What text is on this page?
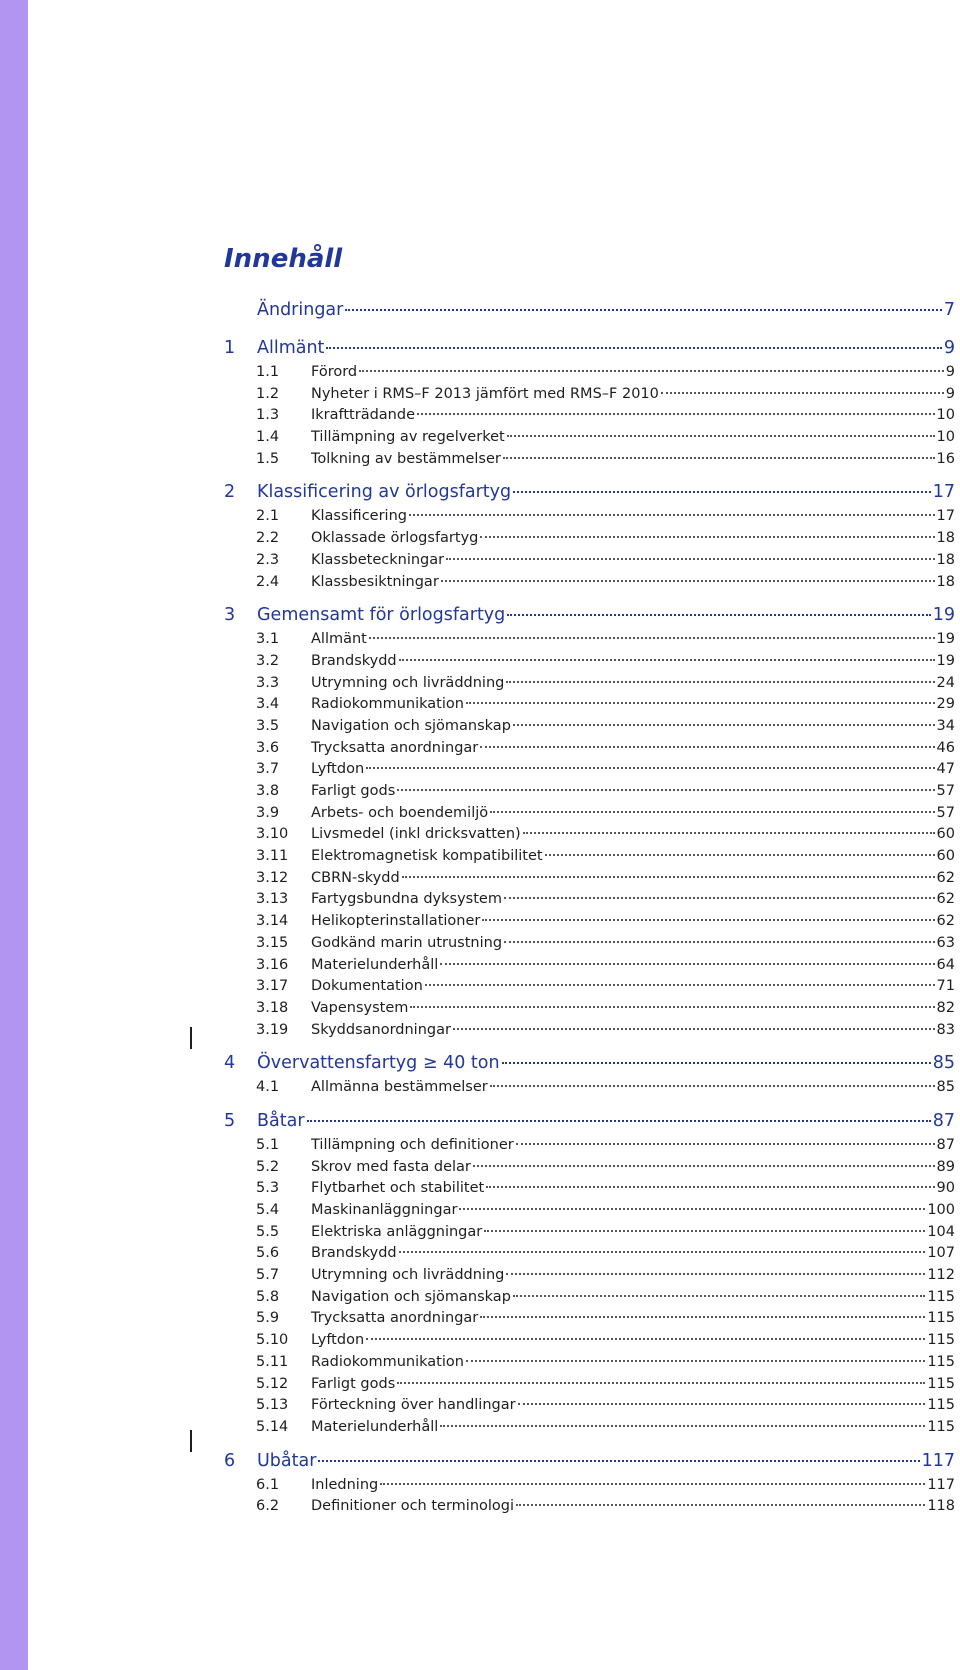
Innehåll
Ändringar	7
1	Allmänt	9
1.1	Förord	9
1.2	Nyheter i RMS–F 2013 jämfört med RMS–F 2010	9
1.3	Ikraftträdande	10
1.4	Tillämpning av regelverket	10
1.5	Tolkning av bestämmelser	16
2	Klassificering av örlogsfartyg	17
2.1	Klassificering	17
2.2	Oklassade örlogsfartyg	18
2.3	Klassbeteckningar	18
2.4	Klassbesiktningar	18
3	Gemensamt för örlogsfartyg	19
3.1	Allmänt	19
3.2	Brandskydd	19
3.3	Utrymning och livräddning	24
3.4	Radiokommunikation	29
3.5	Navigation och sjömanskap	34
3.6	Trycksatta anordningar	46
3.7	Lyftdon	47
3.8	Farligt gods	57
3.9	Arbets- och boendemiljö	57
3.10	Livsmedel (inkl dricksvatten)	60
3.11	Elektromagnetisk kompatibilitet	60
3.12	CBRN-skydd	62
3.13	Fartygsbundna dyksystem	62
3.14	Helikopterinstallationer	62
3.15	Godkänd marin utrustning	63
3.16	Materielunderhåll	64
3.17	Dokumentation	71
3.18	Vapensystem	82
3.19	Skyddsanordningar	83
4	Övervattensfartyg ≥ 40 ton	85
4.1	Allmänna bestämmelser	85
5	Båtar	87
5.1	Tillämpning och definitioner	87
5.2	Skrov med fasta delar	89
5.3	Flytbarhet och stabilitet	90
5.4	Maskinanläggningar	100
5.5	Elektriska anläggningar	104
5.6	Brandskydd	107
5.7	Utrymning och livräddning	112
5.8	Navigation och sjömanskap	115
5.9	Trycksatta anordningar	115
5.10	Lyftdon	115
5.11	Radiokommunikation	115
5.12	Farligt gods	115
5.13	Förteckning över handlingar	115
5.14	Materielunderhåll	115
6	Ubåtar	117
6.1	Inledning	117
6.2	Definitioner och terminologi	118
